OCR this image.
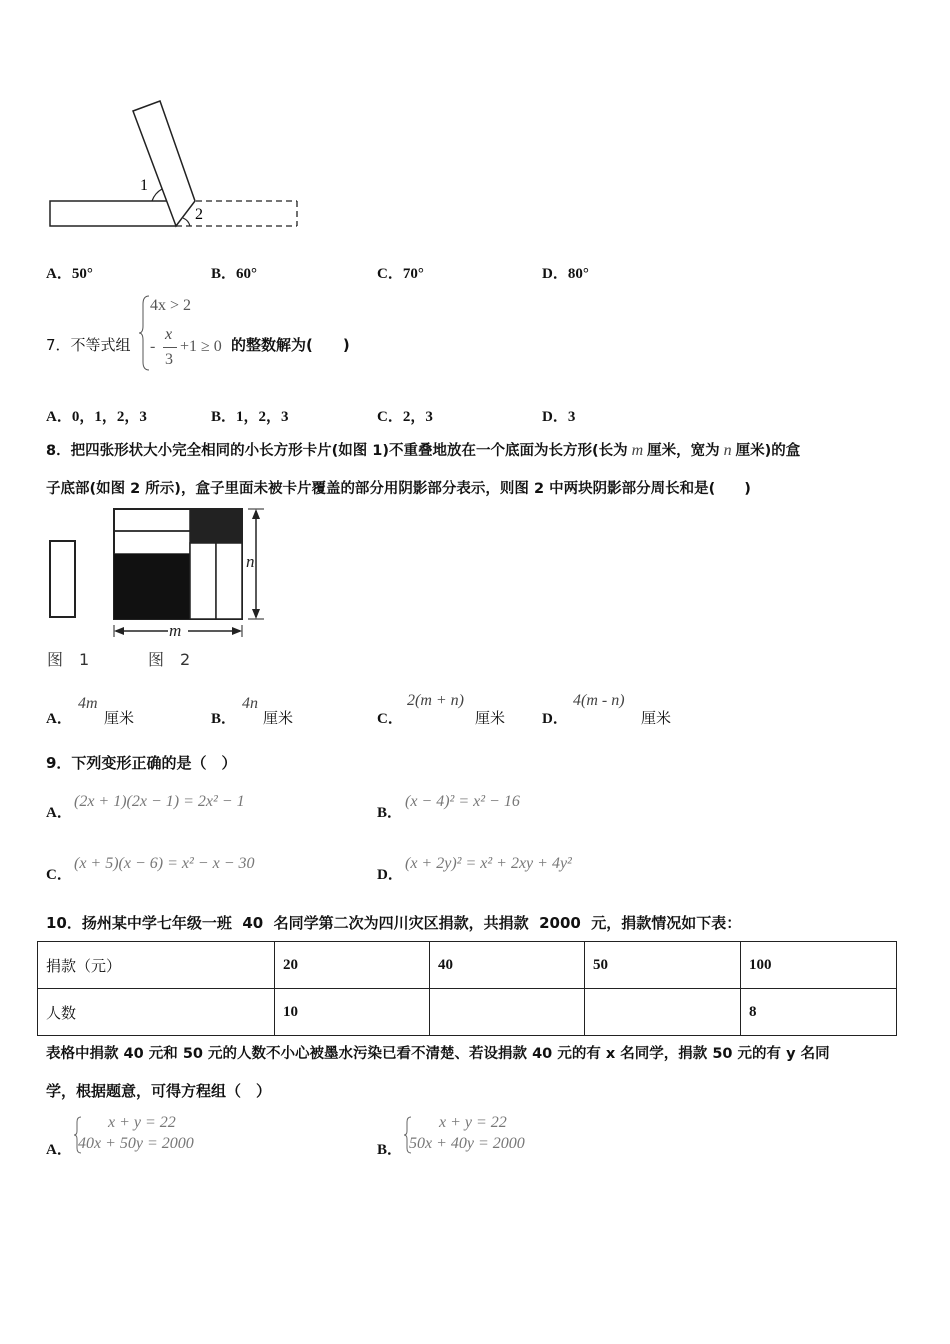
1
2
A．50°	B．60°	C．70°	D．80°
7．不等式组
4x > 2
-
x
3
+1 ≥ 0 的整数解为(　　)
A．0，1，2，3	B．1，2，3	C．2，3	D．3
8．把四张形状大小完全相同的小长方形卡片(如图 1)不重叠地放在一个底面为长方形(长为 m 厘米，宽为 n 厘米)的盒
子底部(如图 2 所示)，盒子里面未被卡片覆盖的部分用阴影部分表示，则图 2 中两块阴影部分周长和是(　　)
n
m
图　1	图　2
A．
4m
厘米	B．
4n
厘米	C．
2(m + n)
厘米 D．
4(m - n)
厘米
9．下列变形正确的是（　）
A．
(2x + 1)(2x − 1) = 2x² − 1
B．
(x − 4)² = x² − 16
C．
(x + 5)(x − 6) = x² − x − 30
D．
(x + 2y)² = x² + 2xy + 4y²
10．扬州某中学七年级一班  40  名同学第二次为四川灾区捐款，共捐款  2000  元，捐款情况如下表：
捐款（元）	20	40	50	100
人数	10			8
表格中捐款 40 元和 50 元的人数不小心被墨水污染已看不清楚、若设捐款 40 元的有 x 名同学，捐款 50 元的有 y 名同
学，根据题意，可得方程组（　）
A．
x + y = 22
40x + 50y = 2000	B．
x + y = 22
50x + 40y = 2000
